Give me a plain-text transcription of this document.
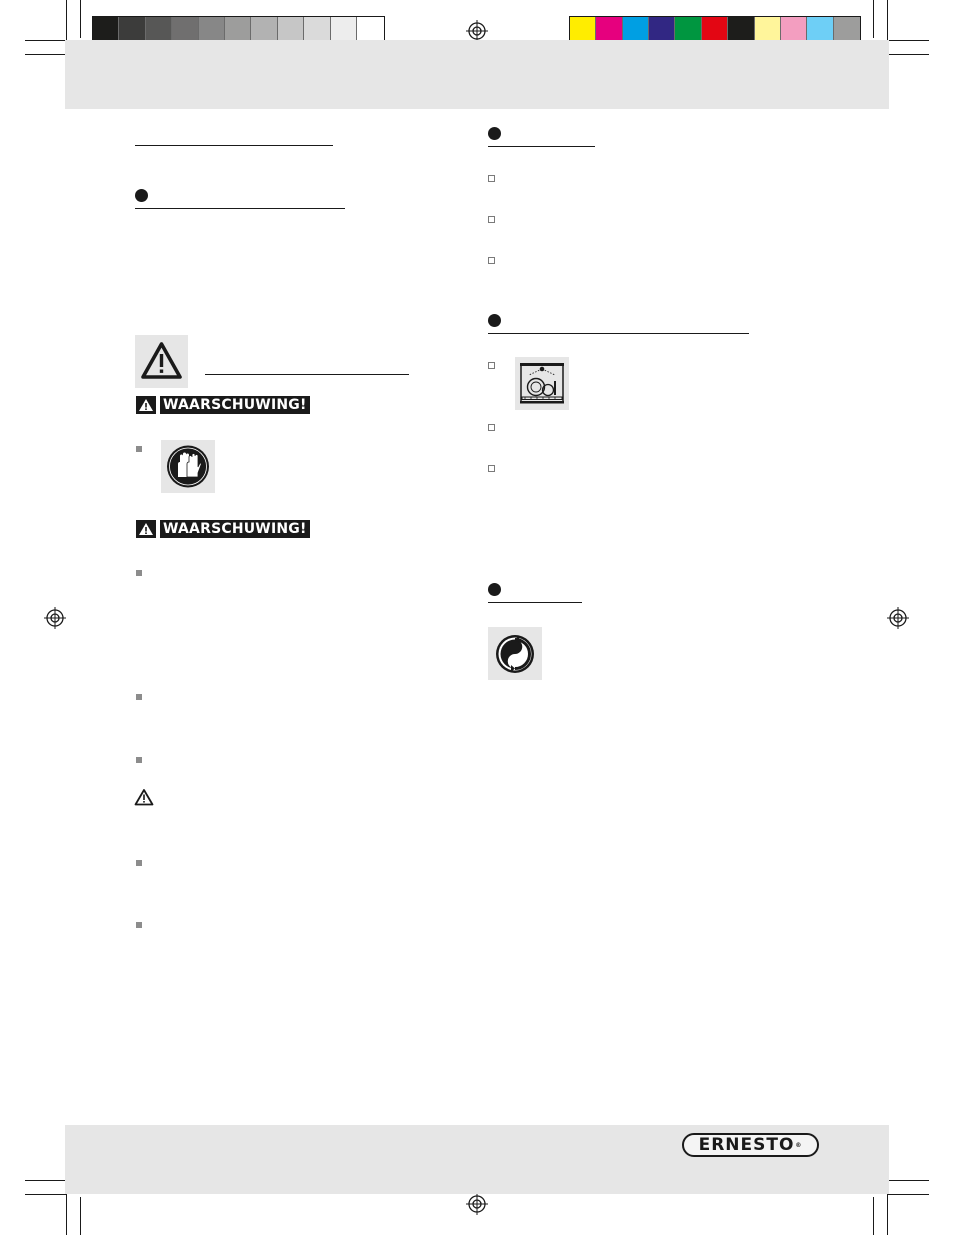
WAARSCHUWING!
WAARSCHUWING!
ERNESTO ®
